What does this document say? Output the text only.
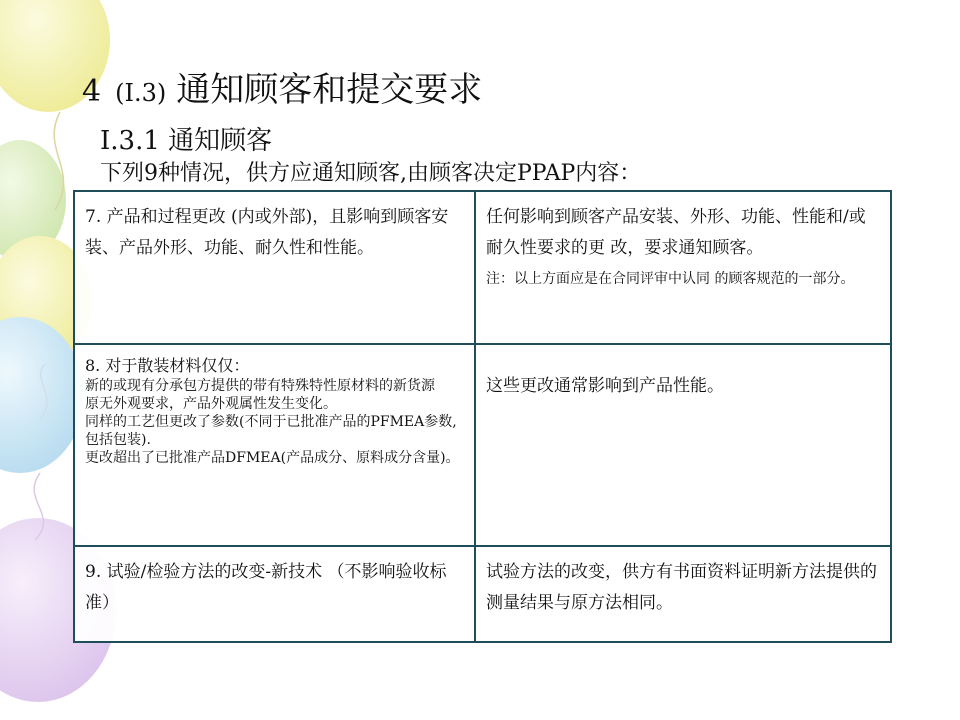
4 (I.3) 通知顾客和提交要求
I.3.1 通知顾客
下列9种情况，供方应通知顾客,由顾客决定PPAP内容：
7. 产品和过程更改 (内或外部)，且影响到顾客安装、产品外形、功能、耐久性和性能。	任何影响到顾客产品安装、外形、功能、性能和/或耐久性要求的更 改，要求通知顾客。
注：以上方面应是在合同评审中认同 的顾客规范的一部分。

8. 对于散装材料仅仅：
新的或现有分承包方提供的带有特殊特性原材料的新货源
原无外观要求，产品外观属性发生变化。
同样的工艺但更改了参数(不同于已批准产品的PFMEA参数, 包括包装).
更改超出了已批准产品DFMEA(产品成分、原料成分含量)。	这些更改通常影响到产品性能。

9. 试验/检验方法的改变-新技术 （不影响验收标准）	试验方法的改变，供方有书面资料证明新方法提供的测量结果与原方法相同。
